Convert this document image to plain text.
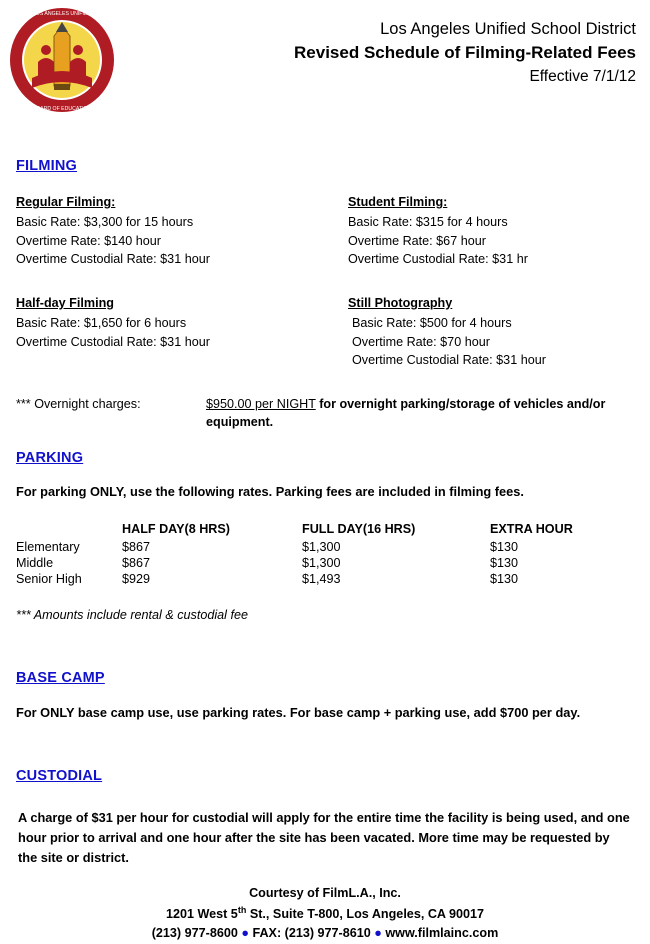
LOS ANGELES UNIFIED
BOARD OF EDUCATION
Los Angeles Unified School District
Revised Schedule of Filming-Related Fees
Effective 7/1/12
FILMING
Regular Filming:
Basic Rate: $3,300 for 15 hours
Overtime Rate: $140 hour
Overtime Custodial Rate: $31 hour
Student Filming:
Basic Rate: $315 for 4 hours
Overtime Rate: $67 hour
Overtime Custodial Rate: $31 hr
Half-day Filming
Basic Rate: $1,650 for 6 hours
Overtime Custodial Rate: $31 hour
Still Photography
Basic Rate: $500 for 4 hours
Overtime Rate: $70 hour
Overtime Custodial Rate: $31 hour
*** Overnight charges:	$950.00 per NIGHT for overnight parking/storage of vehicles and/or equipment.
PARKING
For parking ONLY, use the following rates. Parking fees are included in filming fees.
	HALF DAY(8 HRS)	FULL DAY(16 HRS)	EXTRA HOUR
Elementary	$867	$1,300	$130
Middle	$867	$1,300	$130
Senior High	$929	$1,493	$130
*** Amounts include rental & custodial fee
BASE CAMP
For ONLY base camp use, use parking rates. For base camp + parking use, add $700 per day.
CUSTODIAL
A charge of $31 per hour for custodial will apply for the entire time the facility is being used, and one hour prior to arrival and one hour after the site has been vacated. More time may be requested by the site or district.
Courtesy of FilmL.A., Inc.
1201 West 5th St., Suite T-800, Los Angeles, CA 90017
(213) 977-8600 ● FAX: (213) 977-8610 ● www.filmlainc.com
